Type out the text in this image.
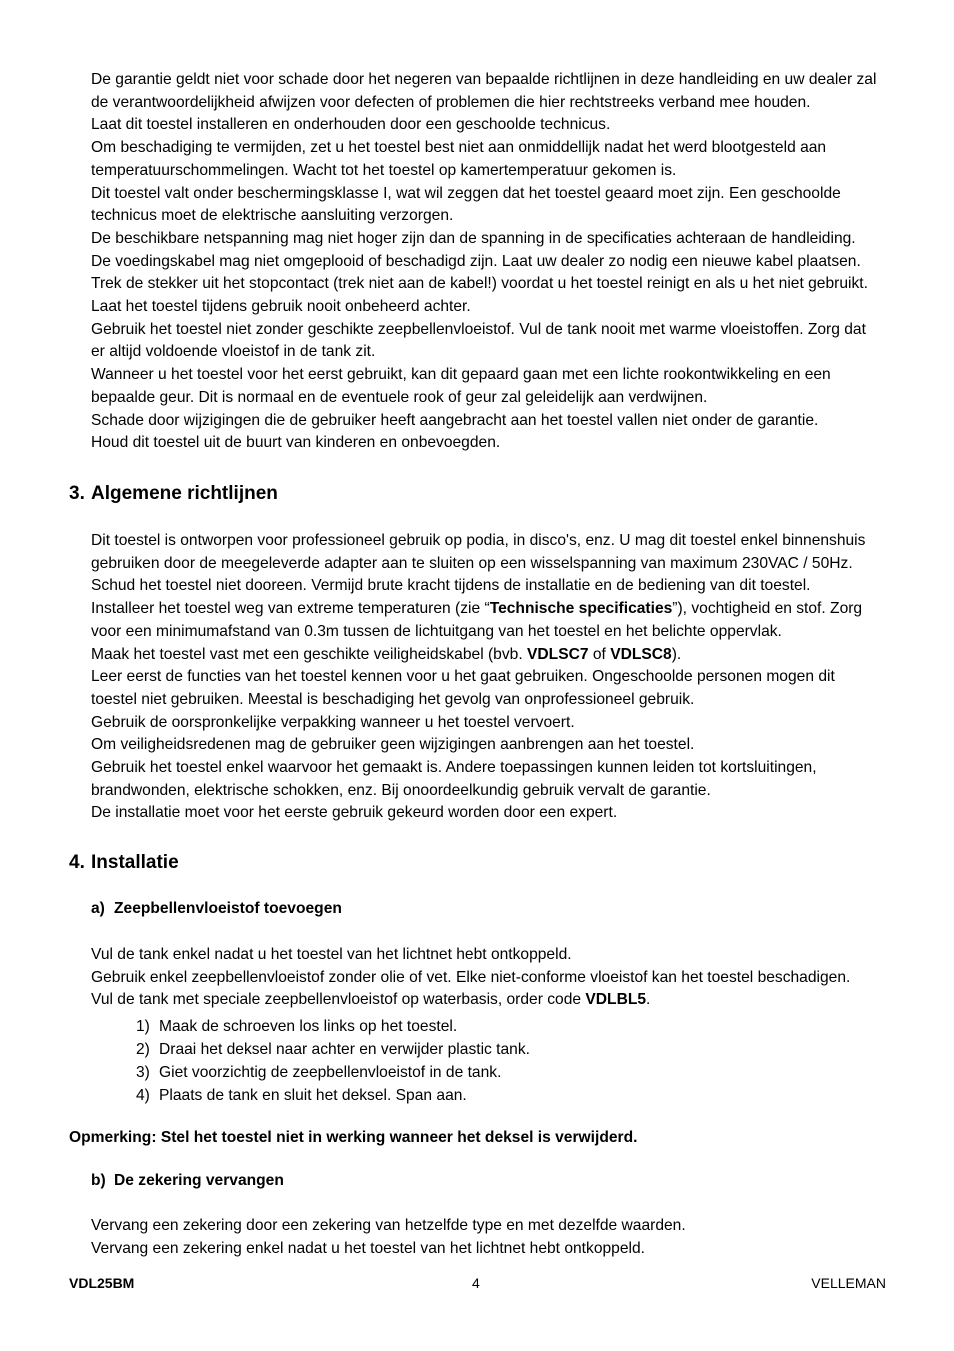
De garantie geldt niet voor schade door het negeren van bepaalde richtlijnen in deze handleiding en uw dealer zal
de verantwoordelijkheid afwijzen voor defecten of problemen die hier rechtstreeks verband mee houden.
Laat dit toestel installeren en onderhouden door een geschoolde technicus.
Om beschadiging te vermijden, zet u het toestel best niet aan onmiddellijk nadat het werd blootgesteld aan
temperatuurschommelingen. Wacht tot het toestel op kamertemperatuur gekomen is.
Dit toestel valt onder beschermingsklasse I, wat wil zeggen dat het toestel geaard moet zijn. Een geschoolde
technicus moet de elektrische aansluiting verzorgen.
De beschikbare netspanning mag niet hoger zijn dan de spanning in de specificaties achteraan de handleiding.
De voedingskabel mag niet omgeplooid of beschadigd zijn. Laat uw dealer zo nodig een nieuwe kabel plaatsen.
Trek de stekker uit het stopcontact (trek niet aan de kabel!) voordat u het toestel reinigt en als u het niet gebruikt.
Laat het toestel tijdens gebruik nooit onbeheerd achter.
Gebruik het toestel niet zonder geschikte zeepbellenvloeistof. Vul de tank nooit met warme vloeistoffen. Zorg dat
er altijd voldoende vloeistof in de tank zit.
Wanneer u het toestel voor het eerst gebruikt, kan dit gepaard gaan met een lichte rookontwikkeling en een
bepaalde geur. Dit is normaal en de eventuele rook of geur zal geleidelijk aan verdwijnen.
Schade door wijzigingen die de gebruiker heeft aangebracht aan het toestel vallen niet onder de garantie.
Houd dit toestel uit de buurt van kinderen en onbevoegden.
3. Algemene richtlijnen
Dit toestel is ontworpen voor professioneel gebruik op podia, in disco's, enz. U mag dit toestel enkel binnenshuis
gebruiken door de meegeleverde adapter aan te sluiten op een wisselspanning van maximum 230VAC / 50Hz.
Schud het toestel niet dooreen. Vermijd brute kracht tijdens de installatie en de bediening van dit toestel.
Installeer het toestel weg van extreme temperaturen (zie “Technische specificaties”), vochtigheid en stof. Zorg
voor een minimumafstand van 0.3m tussen de lichtuitgang van het toestel en het belichte oppervlak.
Maak het toestel vast met een geschikte veiligheidskabel (bvb. VDLSC7 of VDLSC8).
Leer eerst de functies van het toestel kennen voor u het gaat gebruiken. Ongeschoolde personen mogen dit
toestel niet gebruiken. Meestal is beschadiging het gevolg van onprofessioneel gebruik.
Gebruik de oorspronkelijke verpakking wanneer u het toestel vervoert.
Om veiligheidsredenen mag de gebruiker geen wijzigingen aanbrengen aan het toestel.
Gebruik het toestel enkel waarvoor het gemaakt is. Andere toepassingen kunnen leiden tot kortsluitingen,
brandwonden, elektrische schokken, enz. Bij onoordeelkundig gebruik vervalt de garantie.
De installatie moet voor het eerste gebruik gekeurd worden door een expert.
4. Installatie
a) Zeepbellenvloeistof toevoegen
Vul de tank enkel nadat u het toestel van het lichtnet hebt ontkoppeld.
Gebruik enkel zeepbellenvloeistof zonder olie of vet. Elke niet-conforme vloeistof kan het toestel beschadigen.
Vul de tank met speciale zeepbellenvloeistof op waterbasis, order code VDLBL5.
1) Maak de schroeven los links op het toestel.
2) Draai het deksel naar achter en verwijder plastic tank.
3) Giet voorzichtig de zeepbellenvloeistof in de tank.
4) Plaats de tank en sluit het deksel. Span aan.
Opmerking: Stel het toestel niet in werking wanneer het deksel is verwijderd.
b) De zekering vervangen
Vervang een zekering door een zekering van hetzelfde type en met dezelfde waarden.
Vervang een zekering enkel nadat u het toestel van het lichtnet hebt ontkoppeld.
VDL25BM	4	VELLEMAN
